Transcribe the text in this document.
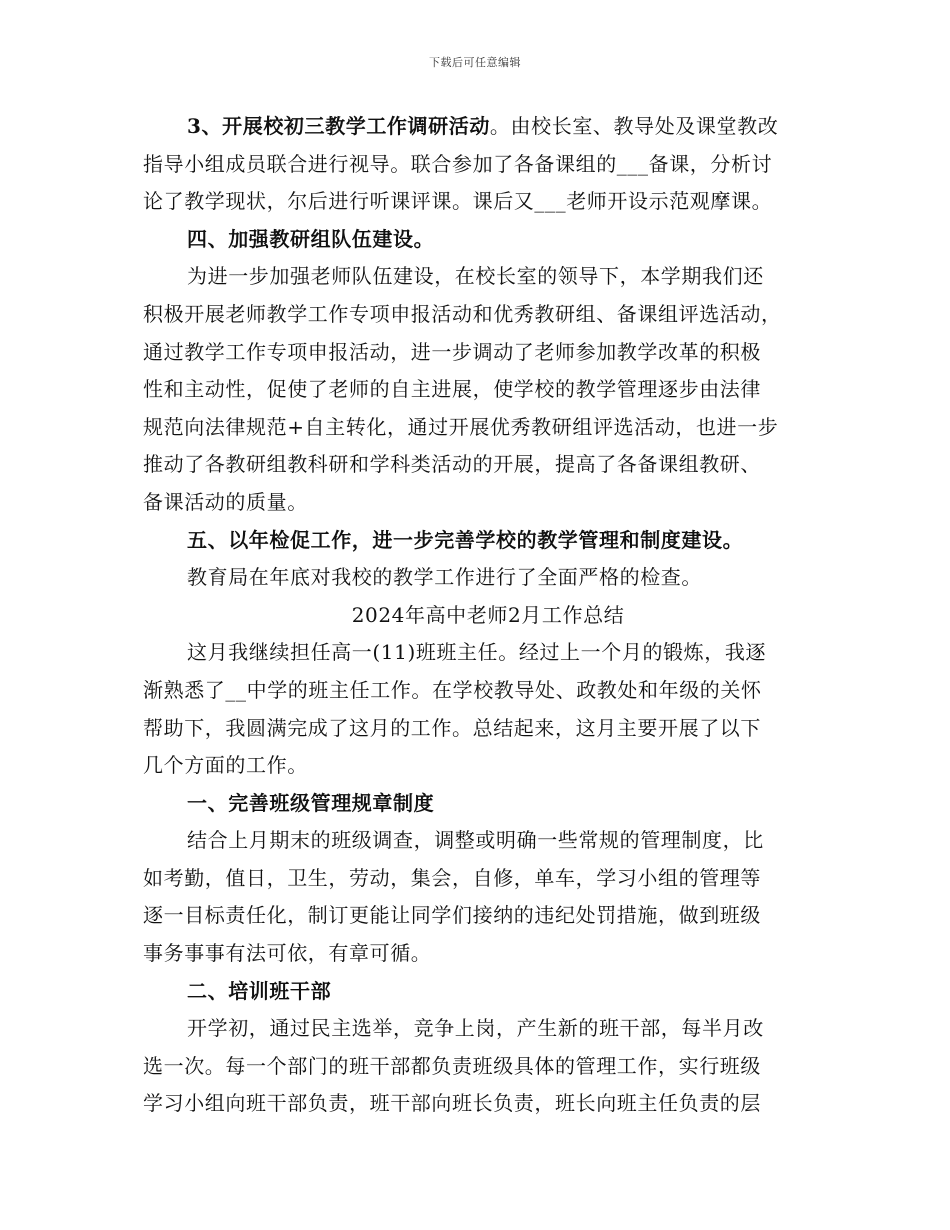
下载后可任意编辑
3、开展校初三教学工作调研活动。由校长室、教导处及课堂教改
指导小组成员联合进行视导。联合参加了各备课组的___备课，分析讨
论了教学现状，尔后进行听课评课。课后又___老师开设示范观摩课。
四、加强教研组队伍建设。
为进一步加强老师队伍建设，在校长室的领导下，本学期我们还
积极开展老师教学工作专项申报活动和优秀教研组、备课组评选活动，
通过教学工作专项申报活动，进一步调动了老师参加教学改革的积极
性和主动性，促使了老师的自主进展，使学校的教学管理逐步由法律
规范向法律规范+自主转化，通过开展优秀教研组评选活动，也进一步
推动了各教研组教科研和学科类活动的开展，提高了各备课组教研、
备课活动的质量。
五、以年检促工作，进一步完善学校的教学管理和制度建设。
教育局在年底对我校的教学工作进行了全面严格的检查。
2024年高中老师2月工作总结
这月我继续担任高一(11)班班主任。经过上一个月的锻炼，我逐
渐熟悉了__中学的班主任工作。在学校教导处、政教处和年级的关怀
帮助下，我圆满完成了这月的工作。总结起来，这月主要开展了以下
几个方面的工作。
一、完善班级管理规章制度
结合上月期末的班级调查，调整或明确一些常规的管理制度，比
如考勤，值日，卫生，劳动，集会，自修，单车，学习小组的管理等
逐一目标责任化，制订更能让同学们接纳的违纪处罚措施，做到班级
事务事事有法可依，有章可循。
二、培训班干部
开学初，通过民主选举，竞争上岗，产生新的班干部，每半月改
选一次。每一个部门的班干部都负责班级具体的管理工作，实行班级
学习小组向班干部负责，班干部向班长负责，班长向班主任负责的层
